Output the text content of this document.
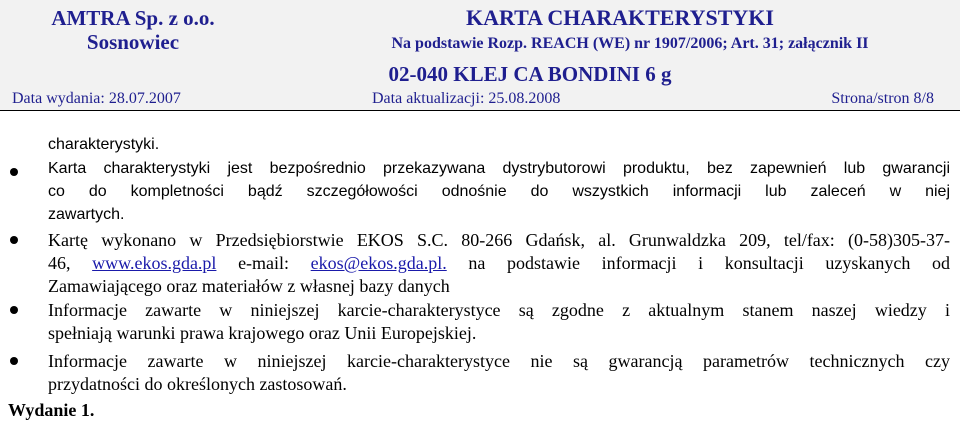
AMTRA Sp. z o.o.
Sosnowiec
KARTA CHARAKTERYSTYKI
Na podstawie Rozp. REACH (WE) nr 1907/2006; Art. 31; załącznik II
02-040 KLEJ CA BONDINI 6 g
Data wydania: 28.07.2007	Data aktualizacji: 25.08.2008	Strona/stron 8/8
charakterystyki.
Karta charakterystyki jest bezpośrednio przekazywana dystrybutorowi produktu, bez zapewnień lub gwarancji
co do kompletności bądź szczegółowości odnośnie do wszystkich informacji lub zaleceń w niej
zawartych.
Kartę wykonano w Przedsiębiorstwie EKOS S.C. 80-266 Gdańsk, al. Grunwaldzka 209, tel/fax: (0-58)305-37-
46, www.ekos.gda.pl e-mail: ekos@ekos.gda.pl. na podstawie informacji i konsultacji uzyskanych od
Zamawiającego oraz materiałów z własnej bazy danych
Informacje zawarte w niniejszej karcie-charakterystyce są zgodne z aktualnym stanem naszej wiedzy i
spełniają warunki prawa krajowego oraz Unii Europejskiej.
Informacje zawarte w niniejszej karcie-charakterystyce nie są gwarancją parametrów technicznych czy
przydatności do określonych zastosowań.
Wydanie 1.
